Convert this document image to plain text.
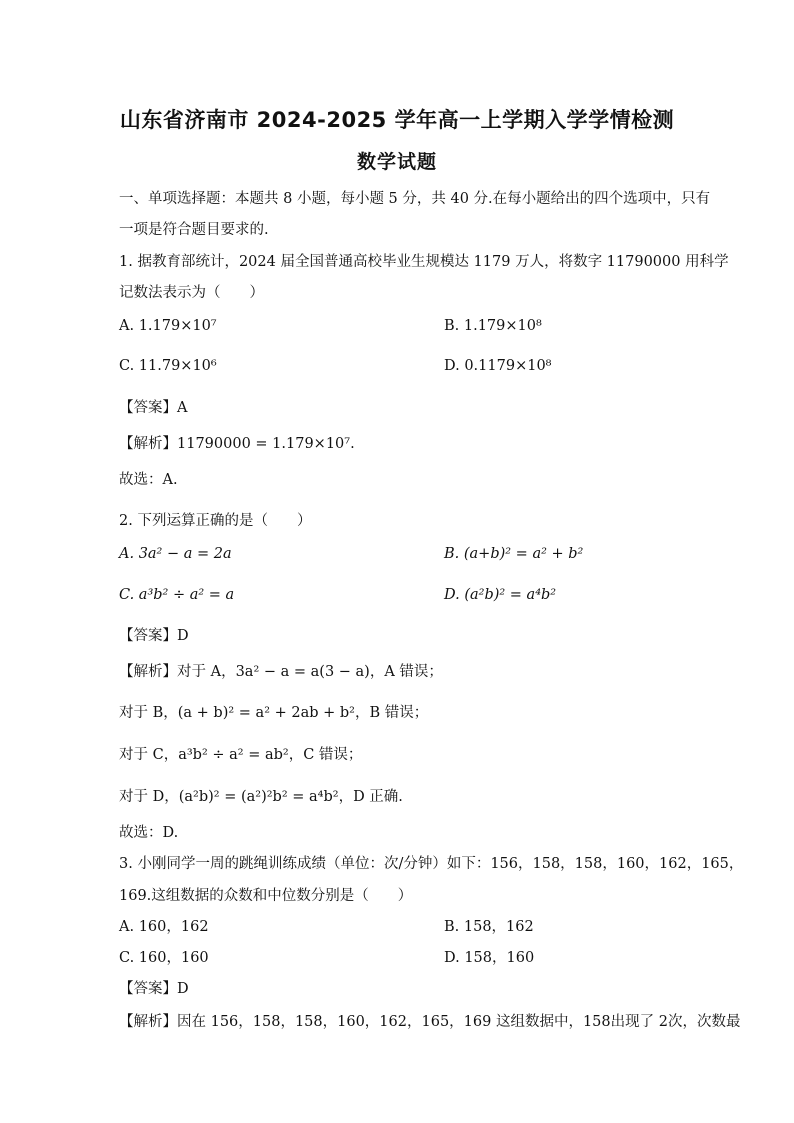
山东省济南市 2024-2025 学年高一上学期入学学情检测
数学试题
一、单项选择题：本题共 8 小题，每小题 5 分，共 40 分.在每小题给出的四个选项中，只有
一项是符合题目要求的.
1. 据教育部统计，2024 届全国普通高校毕业生规模达 1179 万人，将数字 11790000 用科学
记数法表示为（　　）
A. 1.179×10⁷	B. 1.179×10⁸
C. 11.79×10⁶	D. 0.1179×10⁸
【答案】A
【解析】11790000 = 1.179×10⁷.
故选：A.
2. 下列运算正确的是（　　）
A. 3a² − a = 2a	B. (a+b)² = a² + b²
C. a³b² ÷ a² = a	D. (a²b)² = a⁴b²
【答案】D
【解析】对于 A，3a² − a = a(3 − a)，A 错误；
对于 B，(a + b)² = a² + 2ab + b²，B 错误；
对于 C，a³b² ÷ a² = ab²，C 错误；
对于 D，(a²b)² = (a²)²b² = a⁴b²，D 正确.
故选：D.
3. 小刚同学一周的跳绳训练成绩（单位：次/分钟）如下：156，158，158，160，162，165，
169.这组数据的众数和中位数分别是（　　）
A. 160，162	B. 158，162
C. 160，160	D. 158，160
【答案】D
【解析】因在 156，158，158，160，162，165，169 这组数据中，158出现了 2次，次数最
